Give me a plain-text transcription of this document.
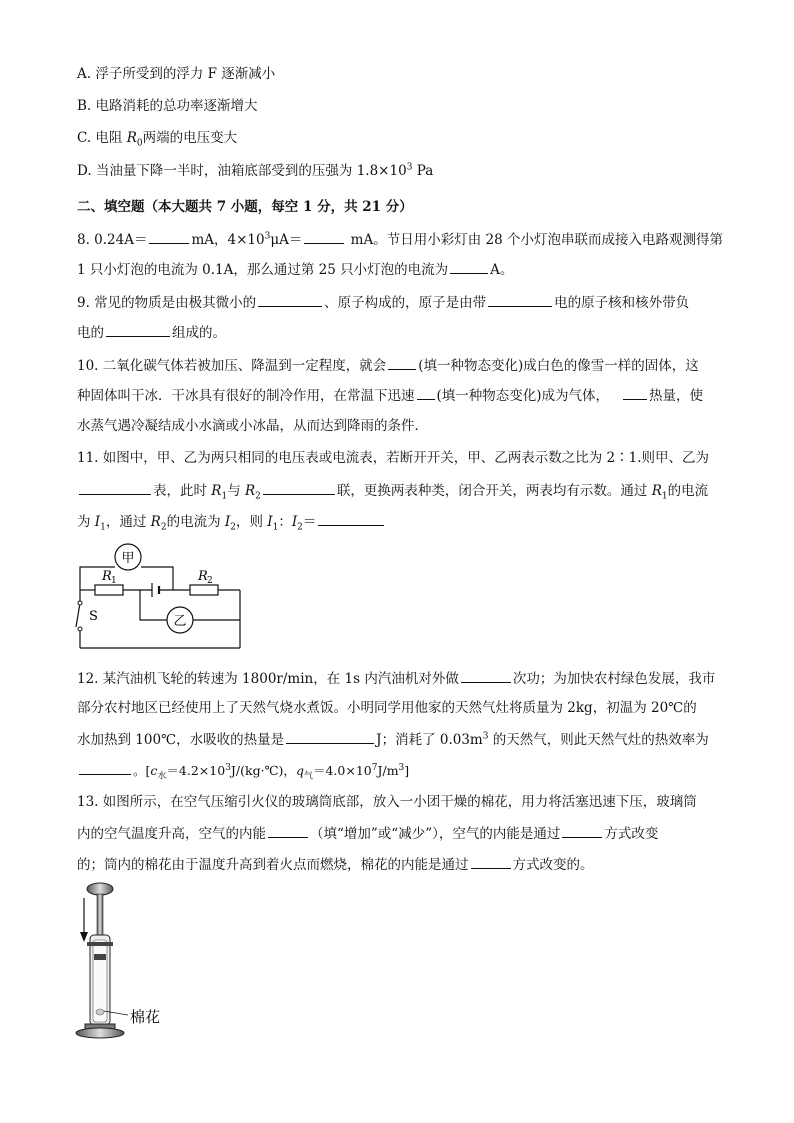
A. 浮子所受到的浮力 F 逐渐减小
B. 电路消耗的总功率逐渐增大
C. 电阻 $R_0$两端的电压变大
D. 当油量下降一半时，油箱底部受到的压强为 $1.8\times 10^3$ Pa
二、填空题（本大题共 7 小题，每空 1 分，共 21 分）
8. 0.24A＝	mA，$4\times 10^3\mu A=$	mA。节日用小彩灯由 28 个小灯泡串联而成接入电路观测得第
1 只小灯泡的电流为 0.1A，那么通过第 25 只小灯泡的电流为	A。
9. 常见的物质是由极其微小的	、原子构成的，原子是由带	电的原子核和核外带负
电的	组成的。
10. 二氧化碳气体若被加压、降温到一定程度，就会 (填一种物态变化)成白色的像雪一样的固体，这
种固体叫干冰．干冰具有很好的制冷作用，在常温下迅速 (填一种物态变化)成为气体，	热量，使
水蒸气遇冷凝结成小水滴或小冰晶，从而达到降雨的条件．
11. 如图中，甲、乙为两只相同的电压表或电流表，若断开开关，甲、乙两表示数之比为 2∶1.则甲、乙为
表，此时 $R_1$与 $R_2$	联，更换两表种类，闭合开关，两表均有示数。通过 $R_1$的电流
为 $I_1$，通过 $R_2$的电流为 $I_2$，则 $I_1$：$I_2=$
甲
乙
R 1	R 2
S
12. 某汽油机飞轮的转速为 1800r/min，在 1s 内汽油机对外做	次功；为加快农村绿色发展，我市
部分农村地区已经使用上了天然气烧水煮饭。小明同学用他家的天然气灶将质量为 2kg，初温为 20℃的
水加热到 100℃，水吸收的热量是	J；消耗了 $0.03m^3$ 的天然气，则此天然气灶的热效率为
。[$c_水=4.2\times 10^3J/(kg\cdot℃)$，$q_气=4.0\times 10^7J/m^3$]
13. 如图所示，在空气压缩引火仪的玻璃筒底部，放入一小团干燥的棉花，用力将活塞迅速下压，玻璃筒
内的空气温度升高，空气的内能	（填“增加”或“减少”），空气的内能是通过	方式改变
的；筒内的棉花由于温度升高到着火点而燃烧，棉花的内能是通过	方式改变的。
棉花
